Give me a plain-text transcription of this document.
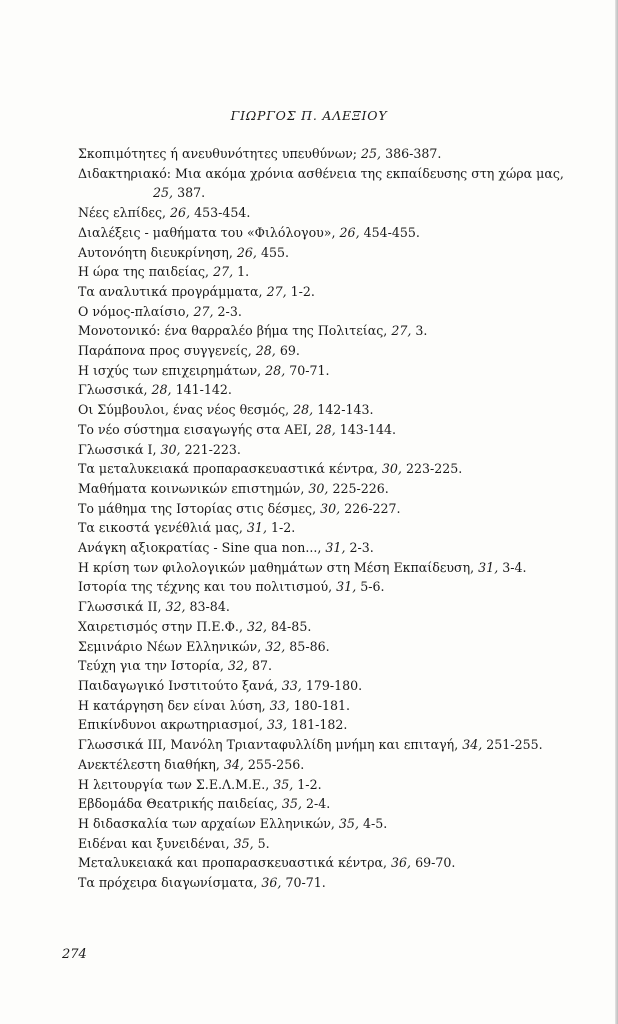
ΓΙΩΡΓΟΣ Π. ΑΛΕΞΙΟΥ
Σκοπιμότητες ή ανευθυνότητες υπευθύνων; 25, 386-387.
Διδακτηριακό: Μια ακόμα χρόνια ασθένεια της εκπαίδευσης στη χώρα μας,
25, 387.
Νέες ελπίδες, 26, 453-454.
Διαλέξεις - μαθήματα του «Φιλόλογου», 26, 454-455.
Αυτονόητη διευκρίνηση, 26, 455.
Η ώρα της παιδείας, 27, 1.
Τα αναλυτικά προγράμματα, 27, 1-2.
Ο νόμος-πλαίσιο, 27, 2-3.
Μονοτονικό: ένα θαρραλέο βήμα της Πολιτείας, 27, 3.
Παράπονα προς συγγενείς, 28, 69.
Η ισχύς των επιχειρημάτων, 28, 70-71.
Γλωσσικά, 28, 141-142.
Οι Σύμβουλοι, ένας νέος θεσμός, 28, 142-143.
Το νέο σύστημα εισαγωγής στα ΑΕΙ, 28, 143-144.
Γλωσσικά Ι, 30, 221-223.
Τα μεταλυκειακά προπαρασκευαστικά κέντρα, 30, 223-225.
Μαθήματα κοινωνικών επιστημών, 30, 225-226.
Το μάθημα της Ιστορίας στις δέσμες, 30, 226-227.
Τα εικοστά γενέθλιά μας, 31, 1-2.
Ανάγκη αξιοκρατίας - Sine qua non..., 31, 2-3.
Η κρίση των φιλολογικών μαθημάτων στη Μέση Εκπαίδευση, 31, 3-4.
Ιστορία της τέχνης και του πολιτισμού, 31, 5-6.
Γλωσσικά ΙΙ, 32, 83-84.
Χαιρετισμός στην Π.Ε.Φ., 32, 84-85.
Σεμινάριο Νέων Ελληνικών, 32, 85-86.
Τεύχη για την Ιστορία, 32, 87.
Παιδαγωγικό Ινστιτούτο ξανά, 33, 179-180.
Η κατάργηση δεν είναι λύση, 33, 180-181.
Επικίνδυνοι ακρωτηριασμοί, 33, 181-182.
Γλωσσικά ΙΙΙ, Μανόλη Τριανταφυλλίδη μνήμη και επιταγή, 34, 251-255.
Ανεκτέλεστη διαθήκη, 34, 255-256.
Η λειτουργία των Σ.Ε.Λ.Μ.Ε., 35, 1-2.
Εβδομάδα Θεατρικής παιδείας, 35, 2-4.
Η διδασκαλία των αρχαίων Ελληνικών, 35, 4-5.
Ειδέναι και ξυνειδέναι, 35, 5.
Μεταλυκειακά και προπαρασκευαστικά κέντρα, 36, 69-70.
Τα πρόχειρα διαγωνίσματα, 36, 70-71.
274
